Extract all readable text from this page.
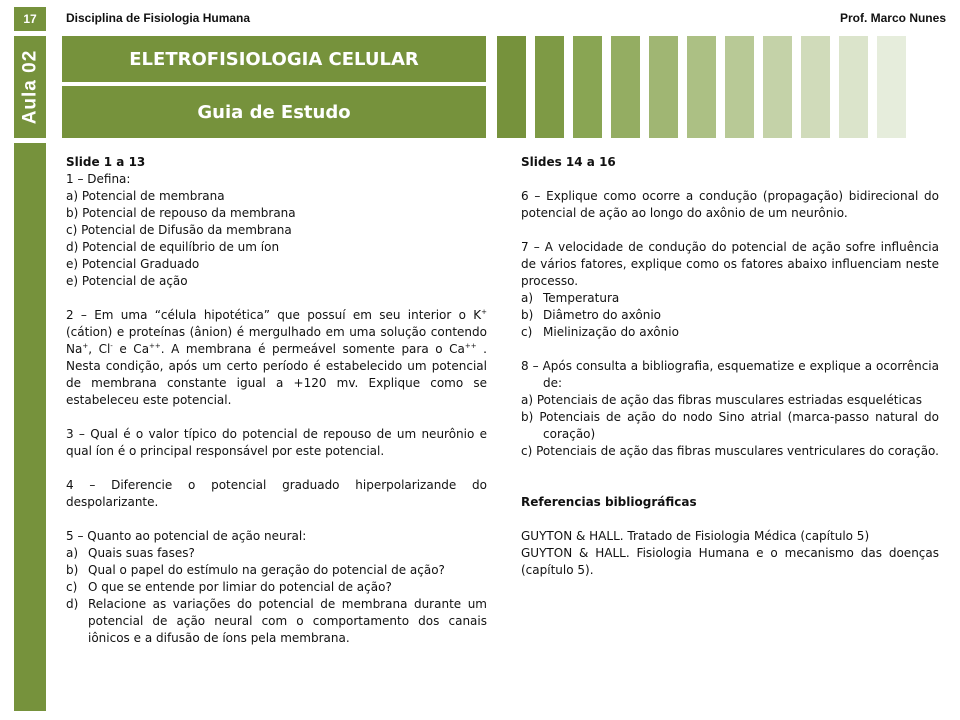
17	Disciplina de Fisiologia Humana	Prof. Marco Nunes
Aula 02	ELETROFISIOLOGIA CELULAR
Guia de Estudo

Slide 1 a 13

1 – Defina:

a) Potencial de membrana

b) Potencial de repouso da membrana

c) Potencial de Difusão da membrana

d) Potencial de equilíbrio de um íon

e) Potencial Graduado

e) Potencial de ação

2 – Em uma “célula hipotética” que possuí em seu interior o K+ (cátion) e proteínas (ânion) é mergulhado em uma solução contendo Na+, Cl- e Ca++. A membrana é permeável somente para o Ca++ . Nesta condição, após um certo período é estabelecido um potencial de membrana constante igual a +120 mv. Explique como se estabeleceu este potencial.

3 – Qual é o valor típico do potencial de repouso de um neurônio e qual íon é o principal responsável por este potencial.

4 – Diferencie o potencial graduado hiperpolarizande do despolarizante.

5 – Quanto ao potencial de ação neural:

a) Quais suas fases?

b) Qual o papel do estímulo na geração do potencial de ação?

c) O que se entende por limiar do potencial de ação?

d) Relacione as variações do potencial de membrana durante um potencial de ação neural com o comportamento dos canais iônicos e a difusão de íons pela membrana.

Slides 14 a 16

6 – Explique como ocorre a condução (propagação) bidirecional do potencial de ação ao longo do axônio de um neurônio.

7 – A velocidade de condução do potencial de ação sofre influência de vários fatores, explique como os fatores abaixo influenciam neste processo.

a) Temperatura

b) Diâmetro do axônio

c) Mielinização do axônio

8 – Após consulta a bibliografia, esquematize e explique a ocorrência de:

a) Potenciais de ação das fibras musculares estriadas esqueléticas

b) Potenciais de ação do nodo Sino atrial (marca-passo natural do coração)

c) Potenciais de ação das fibras musculares ventriculares do coração.

Referencias bibliográficas

GUYTON & HALL. Tratado de Fisiologia Médica (capítulo 5)

GUYTON & HALL. Fisiologia Humana e o mecanismo das doenças (capítulo 5).
